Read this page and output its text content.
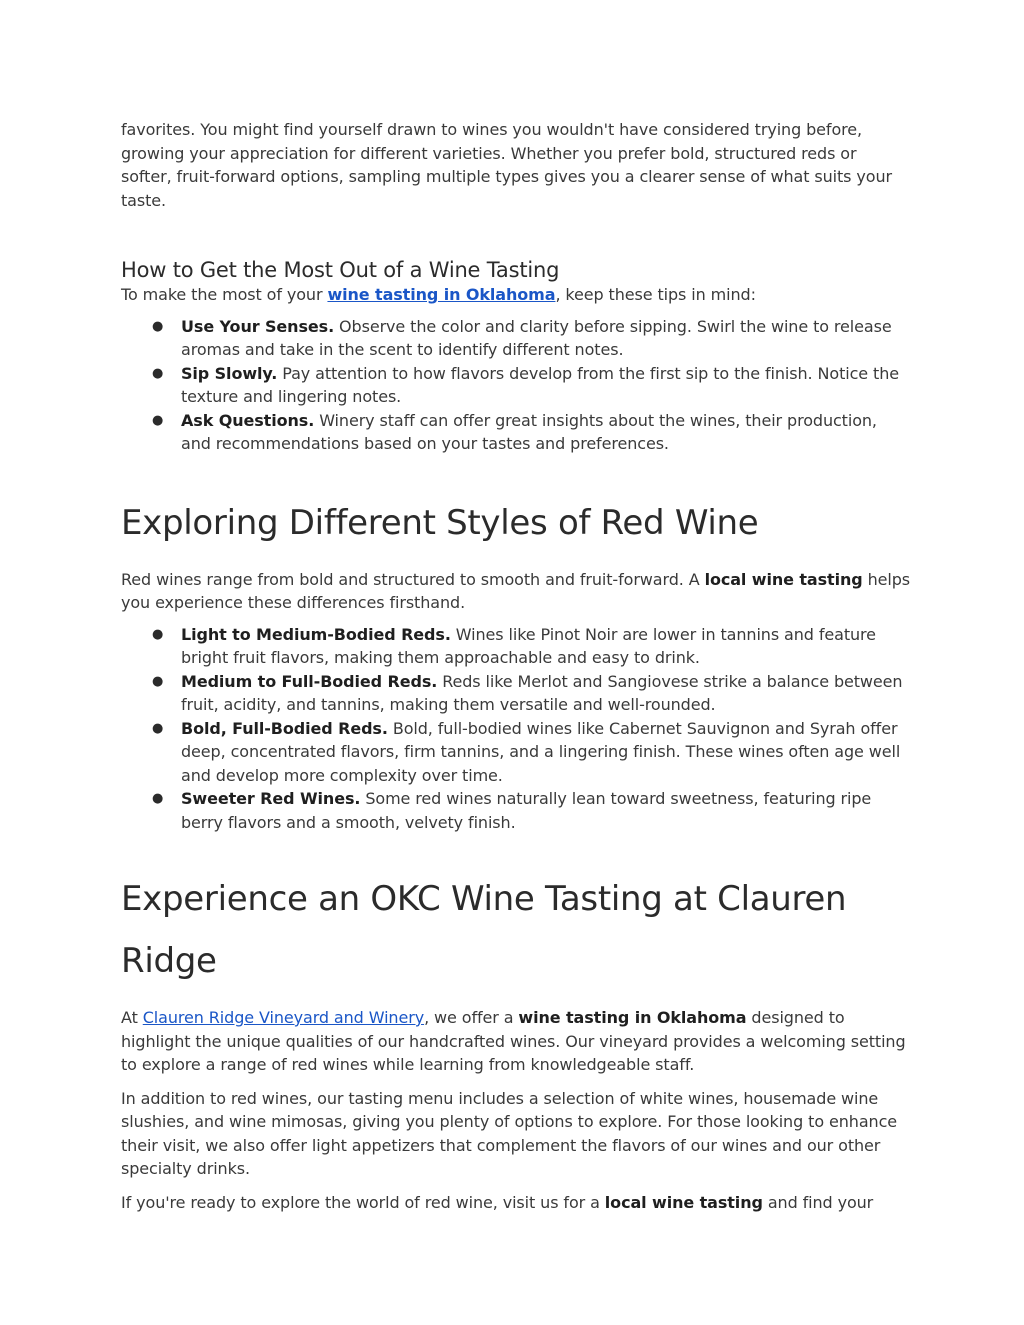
favorites. You might find yourself drawn to wines you wouldn't have considered trying before, growing your appreciation for different varieties. Whether you prefer bold, structured reds or softer, fruit-forward options, sampling multiple types gives you a clearer sense of what suits your taste.

How to Get the Most Out of a Wine Tasting

To make the most of your wine tasting in Oklahoma, keep these tips in mind:

● Use Your Senses. Observe the color and clarity before sipping. Swirl the wine to release aromas and take in the scent to identify different notes.
● Sip Slowly. Pay attention to how flavors develop from the first sip to the finish. Notice the texture and lingering notes.
● Ask Questions. Winery staff can offer great insights about the wines, their production, and recommendations based on your tastes and preferences.
Exploring Different Styles of Red Wine

Red wines range from bold and structured to smooth and fruit-forward. A local wine tasting helps you experience these differences firsthand.

● Light to Medium-Bodied Reds. Wines like Pinot Noir are lower in tannins and feature bright fruit flavors, making them approachable and easy to drink.
● Medium to Full-Bodied Reds. Reds like Merlot and Sangiovese strike a balance between fruit, acidity, and tannins, making them versatile and well-rounded.
● Bold, Full-Bodied Reds. Bold, full-bodied wines like Cabernet Sauvignon and Syrah offer deep, concentrated flavors, firm tannins, and a lingering finish. These wines often age well and develop more complexity over time.
● Sweeter Red Wines. Some red wines naturally lean toward sweetness, featuring ripe berry flavors and a smooth, velvety finish.
Experience an OKC Wine Tasting at Clauren Ridge

At Clauren Ridge Vineyard and Winery, we offer a wine tasting in Oklahoma designed to highlight the unique qualities of our handcrafted wines. Our vineyard provides a welcoming setting to explore a range of red wines while learning from knowledgeable staff.

In addition to red wines, our tasting menu includes a selection of white wines, housemade wine slushies, and wine mimosas, giving you plenty of options to explore. For those looking to enhance their visit, we also offer light appetizers that complement the flavors of our wines and our other specialty drinks.

If you're ready to explore the world of red wine, visit us for a local wine tasting and find your
